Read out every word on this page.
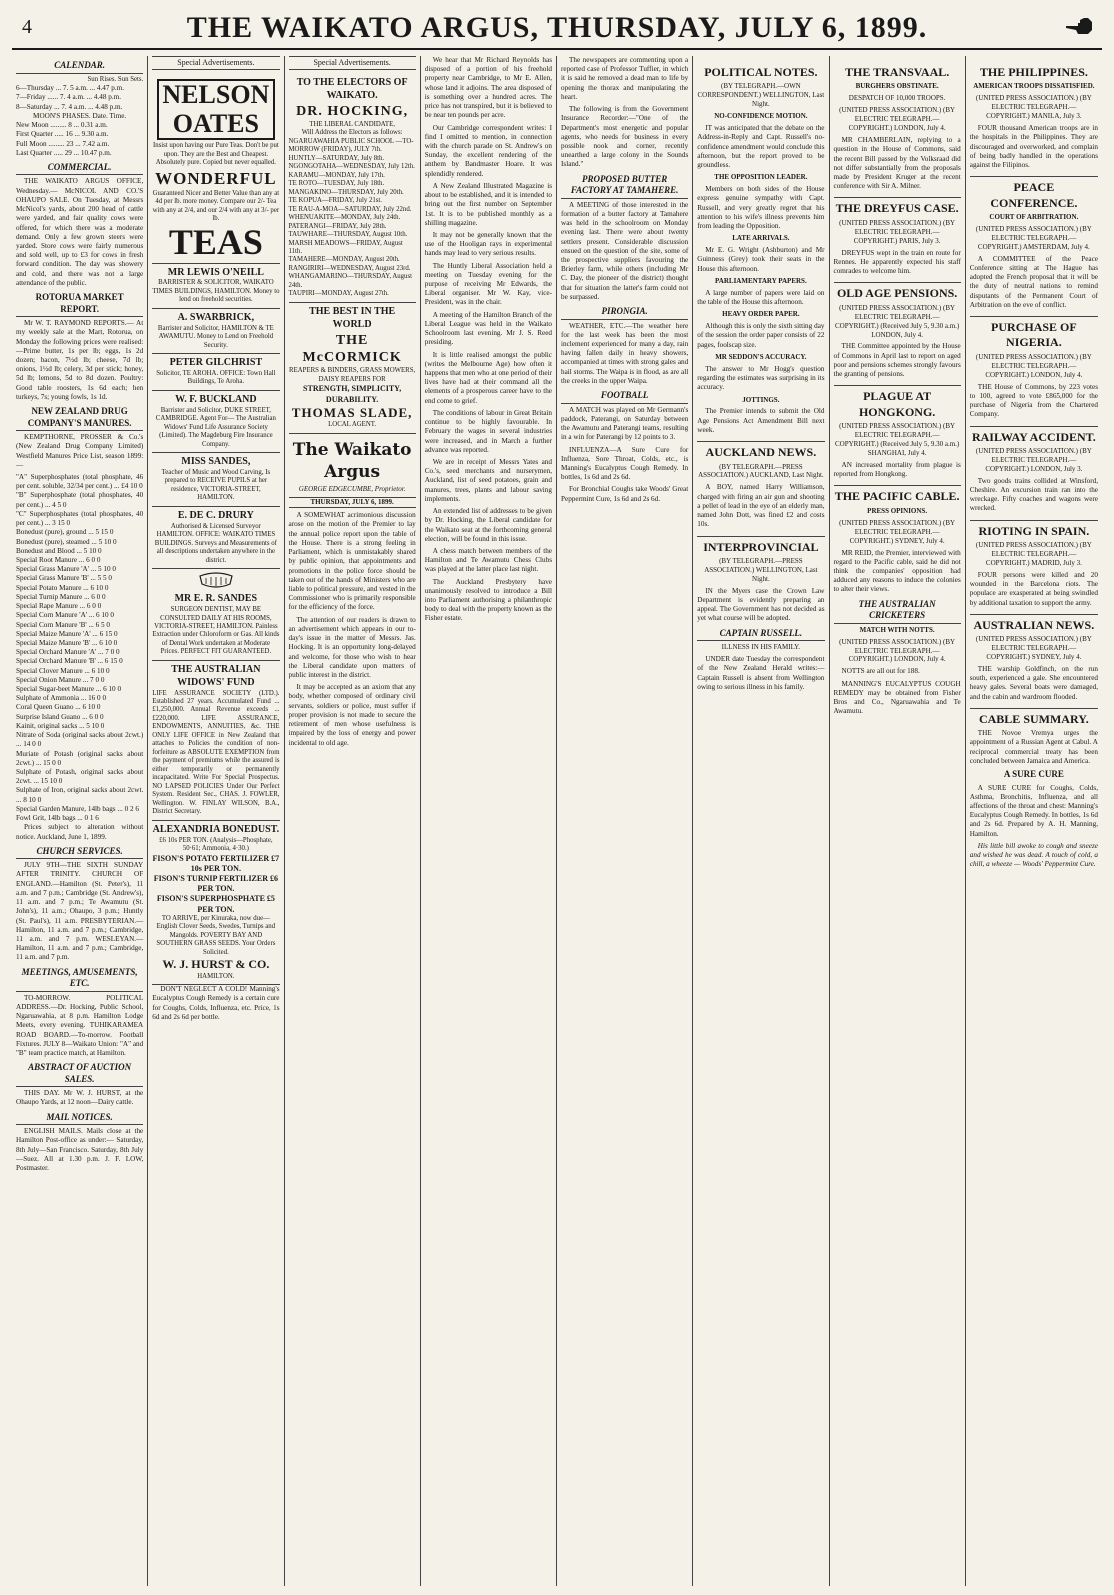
4	THE WAIKATO ARGUS, THURSDAY, JULY 6, 1899.
CALENDAR.
Sun Rises. Sun Sets.
6—Thursday ... 7. 5 a.m. ... 4.47 p.m.
7—Friday ...... 7. 4 a.m. ... 4.48 p.m.
8—Saturday ... 7. 4 a.m. ... 4.48 p.m.
MOON'S PHASES. Date. Time.
New Moon ......... 8 ... 0.31 a.m.
First Quarter ..... 16 ... 9.30 a.m.
Full Moon ......... 23 ... 7.42 a.m.
Last Quarter ..... 29 ... 10.47 p.m.
COMMERCIAL.

THE WAIKATO ARGUS OFFICE, Wednesday.— McNICOL AND CO.'S OHAUPO SALE. On Tuesday, at Messrs McNicol's yards, about 200 head of cattle were yarded, and fair quality cows were offered, for which there was a moderate demand. Only a few grown steers were yarded. Store cows were fairly numerous and sold well, up to £3 for cows in fresh forward condition. The day was showery and cold, and there was not a large attendance of the public.

ROTORUA MARKET REPORT.

Mr W. T. RAYMOND REPORTS.— At my weekly sale at the Mart, Rotorua, on Monday the following prices were realised:—Prime butter, 1s per lb; eggs, 1s 2d dozen; bacon, 7½d lb; cheese, 7d lb; onions, 1½d lb; celery, 3d per stick; honey, 5d lb; lemons, 5d to 8d dozen. Poultry: Good table roosters, 1s 6d each; hen turkeys, 7s; young fowls, 1s 1d.

NEW ZEALAND DRUG COMPANY'S MANURES.

KEMPTHORNE, PROSSER & Co.'s (New Zealand Drug Company Limited) Westfield Manures Price List, season 1899:—

"A" Superphosphates (total phosphate, 46 per cent. soluble, 32/34 per cent.) ... £4 10 0
"B" Superphosphate (total phosphates, 40 per cent.) ... 4 5 0
"C" Superphosphates (total phosphates, 40 per cent.) ... 3 15 0
Bonedust (pure), ground ... 5 15 0
Bonedust (pure), steamed ... 5 10 0
Bonedust and Blood ... 5 10 0
Special Root Manure ... 6 0 0
Special Grass Manure 'A' ... 5 10 0
Special Grass Manure 'B' ... 5 5 0
Special Potato Manure ... 6 10 0
Special Turnip Manure ... 6 0 0
Special Rape Manure ... 6 0 0
Special Corn Manure 'A' ... 6 10 0
Special Corn Manure 'B' ... 6 5 0
Special Maize Manure 'A' ... 6 15 0
Special Maize Manure 'B' ... 6 10 0
Special Orchard Manure 'A' ... 7 0 0
Special Orchard Manure 'B' ... 6 15 0
Special Clover Manure ... 6 10 0
Special Onion Manure ... 7 0 0
Special Sugar-beet Manure ... 6 10 0
Sulphate of Ammonia ... 16 0 0
Coral Queen Guano ... 6 10 0
Surprise Island Guano ... 6 0 0
Kainit, original sacks ... 5 10 0
Nitrate of Soda (original sacks about 2cwt.) ... 14 0 0
Muriate of Potash (original sacks about 2cwt.) ... 15 0 0
Sulphate of Potash, original sacks about 2cwt. ... 15 10 0
Sulphate of Iron, original sacks about 2cwt. ... 8 10 0
Special Garden Manure, 14lb bags ... 0 2 6
Fowl Grit, 14lb bags ... 0 1 6

Prices subject to alteration without notice. Auckland, June 1, 1899.

CHURCH SERVICES.

JULY 9TH—THE SIXTH SUNDAY AFTER TRINITY. CHURCH OF ENGLAND.—Hamilton (St. Peter's), 11 a.m. and 7 p.m.; Cambridge (St. Andrew's), 11 a.m. and 7 p.m.; Te Awamutu (St. John's), 11 a.m.; Ohaupo, 3 p.m.; Huntly (St. Paul's), 11 a.m. PRESBYTERIAN.—Hamilton, 11 a.m. and 7 p.m.; Cambridge, 11 a.m. and 7 p.m. WESLEYAN.—Hamilton, 11 a.m. and 7 p.m.; Cambridge, 11 a.m. and 7 p.m.

MEETINGS, AMUSEMENTS, ETC.

TO-MORROW. POLITICAL ADDRESS.—Dr. Hocking, Public School, Ngaruawahia, at 8 p.m. Hamilton Lodge Meets, every evening. TUHIKARAMEA ROAD BOARD.—To-morrow. Football Fixtures. JULY 8—Waikato Union: "A" and "B" team practice match, at Hamilton.

ABSTRACT OF AUCTION SALES.

THIS DAY. Mr W. J. HURST, at the Ohaupo Yards, at 12 noon—Dairy cattle.

MAIL NOTICES.

ENGLISH MAILS. Mails close at the Hamilton Post-office as under:— Saturday, 8th July—San Francisco. Saturday, 8th July—Suez. All at 1.30 p.m. J. F. LOW, Postmaster.

Special Advertisements.
NELSON OATES
Insist upon having our Pure Teas. Don't be put upon. They are the Best and Cheapest. Absolutely pure. Copied but never equalled.
WONDERFUL
Guaranteed Nicer and Better Value than any at 4d per lb. more money. Compare our 2/- Tea with any at 2/4, and our 2/4 with any at 3/- per lb.
TEAS
MR LEWIS O'NEILL
BARRISTER & SOLICITOR, WAIKATO TIMES BUILDINGS, HAMILTON. Money to lend on freehold securities.
A. SWARBRICK,
Barrister and Solicitor, HAMILTON & TE AWAMUTU. Money to Lend on Freehold Security.
PETER GILCHRIST
Solicitor, TE AROHA. OFFICE: Town Hall Buildings, Te Aroha.
W. F. BUCKLAND
Barrister and Solicitor, DUKE STREET, CAMBRIDGE. Agent For— The Australian Widows' Fund Life Assurance Society (Limited). The Magdeburg Fire Insurance Company.
MISS SANDES,
Teacher of Music and Wood Carving, Is prepared to RECEIVE PUPILS at her residence, VICTORIA-STREET, HAMILTON.
E. DE C. DRURY
Authorised & Licensed Surveyor HAMILTON. OFFICE: WAIKATO TIMES BUILDINGS. Surveys and Measurements of all descriptions undertaken anywhere in the district.
MR E. R. SANDES
SURGEON DENTIST, MAY BE CONSULTED DAILY AT HIS ROOMS, VICTORIA-STREET, HAMILTON. Painless Extraction under Chloroform or Gas. All kinds of Dental Work undertaken at Moderate Prices. PERFECT FIT GUARANTEED.
THE AUSTRALIAN WIDOWS' FUND
LIFE ASSURANCE SOCIETY (LTD.). Established 27 years. Accumulated Fund ... £1,250,000. Annual Revenue exceeds ... £220,000. LIFE ASSURANCE, ENDOWMENTS, ANNUITIES, &c. THE ONLY LIFE OFFICE in New Zealand that attaches to Policies the condition of non-forfeiture as ABSOLUTE EXEMPTION from the payment of premiums while the assured is either temporarily or permanently incapacitated. Write For Special Prospectus. NO LAPSED POLICIES Under Our Perfect System. Resident Sec., CHAS. J. FOWLER, Wellington. W. FINLAY WILSON, B.A., District Secretary.
ALEXANDRIA BONEDUST.
£6 10s PER TON. (Analysis—Phosphate, 50·61; Ammonia, 4·30.)
FISON'S POTATO FERTILIZER £7 10s PER TON.
FISON'S TURNIP FERTILIZER £6 PER TON.
FISON'S SUPERPHOSPHATE £5 PER TON.
TO ARRIVE, per Kinuraka, now due—English Clover Seeds, Swedes, Turnips and Mangolds. POVERTY BAY AND SOUTHERN GRASS SEEDS. Your Orders Solicited.
W. J. HURST & CO.
HAMILTON.

DON'T NEGLECT A COLD! Manning's Eucalyptus Cough Remedy is a certain cure for Coughs, Colds, Influenza, etc. Price, 1s 6d and 2s 6d per bottle.

Special Advertisements.
TO THE ELECTORS OF WAIKATO.
DR. HOCKING,
THE LIBERAL CANDIDATE,
Will Address the Electors as follows:
NGARUAWAHIA PUBLIC SCHOOL —TO-MORROW (FRIDAY), JULY 7th.
HUNTLY—SATURDAY, July 8th.
NGONGOTAHA—WEDNESDAY, July 12th.
KARAMU—MONDAY, July 17th.
TE ROTO—TUESDAY, July 18th.
MANGAKINO—THURSDAY, July 20th.
TE KOPUA—FRIDAY, July 21st.
TE RAU-A-MOA—SATURDAY, July 22nd.
WHENUAKITE—MONDAY, July 24th.
PATERANGI—FRIDAY, July 28th.
TAUWHARE—THURSDAY, August 10th.
MARSH MEADOWS—FRIDAY, August 11th.
TAMAHERE—MONDAY, August 20th.
RANGIRIRI—WEDNESDAY, August 23rd.
WHANGAMARINO—THURSDAY, August 24th.
TAUPIRI—MONDAY, August 27th.
THE BEST IN THE WORLD
THE McCORMICK
REAPERS & BINDERS, GRASS MOWERS, DAISY REAPERS FOR
STRENGTH, SIMPLICITY, DURABILITY.
THOMAS SLADE,
LOCAL AGENT.
The Waikato Argus
GEORGE EDGECUMBE, Proprietor.
THURSDAY, JULY 6, 1899.

A SOMEWHAT acrimonious discussion arose on the motion of the Premier to lay the annual police report upon the table of the House. There is a strong feeling in Parliament, which is unmistakably shared by public opinion, that appointments and promotions in the police force should be taken out of the hands of Ministers who are liable to political pressure, and vested in the Commissioner who is primarily responsible for the efficiency of the force.

The attention of our readers is drawn to an advertisement which appears in our to-day's issue in the matter of Messrs. Jas. Hocking. It is an opportunity long-delayed and welcome, for those who wish to hear the Liberal candidate upon matters of public interest in the district.

It may be accepted as an axiom that any body, whether composed of ordinary civil servants, soldiers or police, must suffer if proper provision is not made to secure the retirement of men whose usefulness is impaired by the loss of energy and power incidental to old age.

We hear that Mr Richard Reynolds has disposed of a portion of his freehold property near Cambridge, to Mr E. Allen, whose land it adjoins. The area disposed of is something over a hundred acres. The price has not transpired, but it is believed to be near ten pounds per acre.

Our Cambridge correspondent writes: I find I omitted to mention, in connection with the church parade on St. Andrew's on Sunday, the excellent rendering of the anthem by Bandmaster Hoare. It was splendidly rendered.

A New Zealand Illustrated Magazine is about to be established, and it is intended to bring out the first number on September 1st. It is to be published monthly as a shilling magazine.

It may not be generally known that the use of the Hooligan rays in experimental hands may lead to very serious results.

The Huntly Liberal Association held a meeting on Tuesday evening for the purpose of receiving Mr Edwards, the Liberal organiser. Mr W. Kay, vice-President, was in the chair.

A meeting of the Hamilton Branch of the Liberal League was held in the Waikato Schoolroom last evening. Mr J. S. Reed presiding.

It is little realised amongst the public (writes the Melbourne Age) how often it happens that men who at one period of their lives have had at their command all the elements of a prosperous career have to the end come to grief.

The conditions of labour in Great Britain continue to be highly favourable. In February the wages in several industries were increased, and in March a further advance was reported.

We are in receipt of Messrs Yates and Co.'s, seed merchants and nurserymen, Auckland, list of seed potatoes, grain and manures, trees, plants and labour saving implements.

An extended list of addresses to be given by Dr. Hocking, the Liberal candidate for the Waikato seat at the forthcoming general election, will be found in this issue.

A chess match between members of the Hamilton and Te Awamutu Chess Clubs was played at the latter place last night.

The Auckland Presbytery have unanimously resolved to introduce a Bill into Parliament authorising a philanthropic body to deal with the property known as the Fisher estate.

The newspapers are commenting upon a reported case of Professor Tuffier, in which it is said he removed a dead man to life by opening the thorax and manipulating the heart.

The following is from the Government Insurance Recorder:—"One of the Department's most energetic and popular agents, who needs for business in every possible nook and corner, recently unearthed a large colony in the Sounds Island."

PROPOSED BUTTER FACTORY AT TAMAHERE.

A MEETING of those interested in the formation of a butter factory at Tamahere was held in the schoolroom on Monday evening last. There were about twenty settlers present. Considerable discussion ensued on the question of the site, some of the prospective suppliers favouring the Brierley farm, while others (including Mr C. Day, the pioneer of the district) thought that for situation the latter's farm could not be surpassed.

PIRONGIA.

WEATHER, ETC.—The weather here for the last week has been the most inclement experienced for many a day, rain having fallen daily in heavy showers, accompanied at times with strong gales and hail storms. The Waipa is in flood, as are all the creeks in the upper Waipa.

FOOTBALL

A MATCH was played on Mr Germann's paddock, Paterangi, on Saturday between the Awamutu and Paterangi teams, resulting in a win for Paterangi by 12 points to 3.

INFLUENZA—A Sure Cure for Influenza, Sore Throat, Colds, etc., is Manning's Eucalyptus Cough Remedy. In bottles, 1s 6d and 2s 6d.

For Bronchial Coughs take Woods' Great Peppermint Cure, 1s 6d and 2s 6d.

POLITICAL NOTES.
(BY TELEGRAPH.—OWN CORRESPONDENT.) WELLINGTON, Last Night.
NO-CONFIDENCE MOTION.

IT was anticipated that the debate on the Address-in-Reply and Capt. Russell's no-confidence amendment would conclude this afternoon, but the report proved to be groundless.

THE OPPOSITION LEADER.

Members on both sides of the House express genuine sympathy with Capt. Russell, and very greatly regret that his attention to his wife's illness prevents him from leading the Opposition.

LATE ARRIVALS.

Mr E. G. Wright (Ashburton) and Mr Guinness (Grey) took their seats in the House this afternoon.

PARLIAMENTARY PAPERS.

A large number of papers were laid on the table of the House this afternoon.

HEAVY ORDER PAPER.

Although this is only the sixth sitting day of the session the order paper consists of 22 pages, foolscap size.

MR SEDDON'S ACCURACY.

The answer to Mr Hogg's question regarding the estimates was surprising in its accuracy.

JOTTINGS.

The Premier intends to submit the Old Age Pensions Act Amendment Bill next week.

AUCKLAND NEWS.
(BY TELEGRAPH.—PRESS ASSOCIATION.) AUCKLAND, Last Night.

A BOY, named Harry Williamson, charged with firing an air gun and shooting a pellet of lead in the eye of an elderly man, named John Dott, was fined £2 and costs 10s.

INTERPROVINCIAL
(BY TELEGRAPH.—PRESS ASSOCIATION.) WELLINGTON, Last Night.

IN the Myers case the Crown Law Department is evidently preparing an appeal. The Government has not decided as yet what course will be adopted.

CAPTAIN RUSSELL.
ILLNESS IN HIS FAMILY.

UNDER date Tuesday the correspondent of the New Zealand Herald writes:—Captain Russell is absent from Wellington owing to serious illness in his family.

THE TRANSVAAL.
BURGHERS OBSTINATE.
DESPATCH OF 10,000 TROOPS.
(UNITED PRESS ASSOCIATION.) (BY ELECTRIC TELEGRAPH.—COPYRIGHT.) LONDON, July 4.

MR CHAMBERLAIN, replying to a question in the House of Commons, said the recent Bill passed by the Volksraad did not differ substantially from the proposals made by President Kruger at the recent conference with Sir A. Milner.

THE DREYFUS CASE.
(UNITED PRESS ASSOCIATION.) (BY ELECTRIC TELEGRAPH.—COPYRIGHT.) PARIS, July 3.

DREYFUS wept in the train en route for Rennes. He apparently expected his staff comrades to welcome him.

OLD AGE PENSIONS.
(UNITED PRESS ASSOCIATION.) (BY ELECTRIC TELEGRAPH.—COPYRIGHT.) (Received July 5, 9.30 a.m.) LONDON, July 4.

THE Committee appointed by the House of Commons in April last to report on aged poor and pensions schemes strongly favours the granting of pensions.

PLAGUE AT HONGKONG.
(UNITED PRESS ASSOCIATION.) (BY ELECTRIC TELEGRAPH.—COPYRIGHT.) (Received July 5, 9.30 a.m.) SHANGHAI, July 4.

AN increased mortality from plague is reported from Hongkong.

THE PACIFIC CABLE.
PRESS OPINIONS.
(UNITED PRESS ASSOCIATION.) (BY ELECTRIC TELEGRAPH.—COPYRIGHT.) SYDNEY, July 4.

MR REID, the Premier, interviewed with regard to the Pacific cable, said he did not think the companies' opposition had adduced any reasons to induce the colonies to alter their views.

THE AUSTRALIAN CRICKETERS
MATCH WITH NOTTS.
(UNITED PRESS ASSOCIATION.) (BY ELECTRIC TELEGRAPH.—COPYRIGHT.) LONDON, July 4.

NOTTS are all out for 188.

MANNING'S EUCALYPTUS COUGH REMEDY may be obtained from Fisher Bros and Co., Ngaruawahia and Te Awamutu.

THE PHILIPPINES.
AMERICAN TROOPS DISSATISFIED.
(UNITED PRESS ASSOCIATION.) (BY ELECTRIC TELEGRAPH.—COPYRIGHT.) MANILA, July 3.

FOUR thousand American troops are in the hospitals in the Philippines. They are discouraged and overworked, and complain of being badly handled in the operations against the Filipinos.

PEACE CONFERENCE.
COURT OF ARBITRATION.
(UNITED PRESS ASSOCIATION.) (BY ELECTRIC TELEGRAPH.—COPYRIGHT.) AMSTERDAM, July 4.

A COMMITTEE of the Peace Conference sitting at The Hague has adopted the French proposal that it will be the duty of neutral nations to remind disputants of the Permanent Court of Arbitration on the eve of conflict.

PURCHASE OF NIGERIA.
(UNITED PRESS ASSOCIATION.) (BY ELECTRIC TELEGRAPH.—COPYRIGHT.) LONDON, July 4.

THE House of Commons, by 223 votes to 100, agreed to vote £865,000 for the purchase of Nigeria from the Chartered Company.

RAILWAY ACCIDENT.
(UNITED PRESS ASSOCIATION.) (BY ELECTRIC TELEGRAPH.—COPYRIGHT.) LONDON, July 3.

Two goods trains collided at Winsford, Cheshire. An excursion train ran into the wreckage. Fifty coaches and wagons were wrecked.

RIOTING IN SPAIN.
(UNITED PRESS ASSOCIATION.) (BY ELECTRIC TELEGRAPH.—COPYRIGHT.) MADRID, July 3.

FOUR persons were killed and 20 wounded in the Barcelona riots. The populace are exasperated at being swindled by additional taxation to support the army.

AUSTRALIAN NEWS.
(UNITED PRESS ASSOCIATION.) (BY ELECTRIC TELEGRAPH.—COPYRIGHT.) SYDNEY, July 4.

THE warship Goldfinch, on the run south, experienced a gale. She encountered heavy gales. Several boats were damaged, and the cabin and wardroom flooded.

CABLE SUMMARY.

THE Novoe Vremya urges the appointment of a Russian Agent at Cabul. A reciprocal commercial treaty has been concluded between Jamaica and America.

A SURE CURE

A SURE CURE for Coughs, Colds, Asthma, Bronchitis, Influenza, and all affections of the throat and chest: Manning's Eucalyptus Cough Remedy. In bottles, 1s 6d and 2s 6d. Prepared by A. H. Manning, Hamilton.

His little bill awoke to cough and sneeze and wished he was dead. A touch of cold, a chill, a wheeze — Woods' Peppermint Cure.
